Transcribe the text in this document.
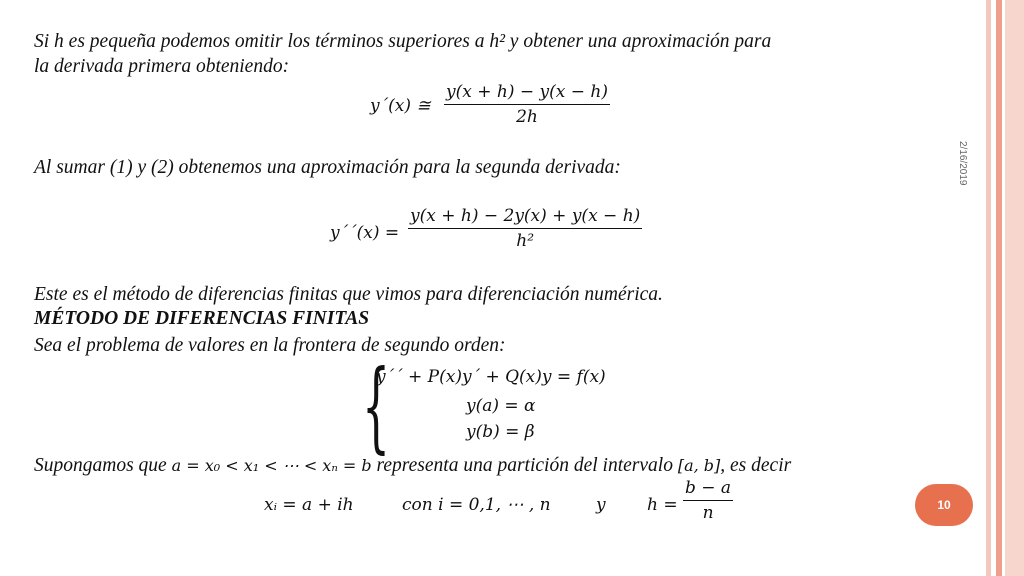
2/16/2019
Si h es pequeña podemos omitir los términos superiores a h² y obtener una aproximación para
la derivada primera obteniendo:
y´(x) ≅
y(x + h) − y(x − h)
2h
Al sumar (1) y (2) obtenemos una aproximación para la segunda derivada:
y´´(x) =
y(x + h) − 2y(x) + y(x − h)
h²
Este es el método de diferencias finitas que vimos para diferenciación numérica.
MÉTODO DE DIFERENCIAS FINITAS
Sea el problema de valores en la frontera de segundo orden:
{
y´´ + P(x)y´ + Q(x)y = f(x)
y(a) = α
y(b) = β
Supongamos que a = x₀ < x₁ < ⋯ < xₙ = b representa una partición del intervalo [a, b], es decir
xᵢ = a + ih	con i = 0,1, ⋯ , n	y h =
b − a
n	10
